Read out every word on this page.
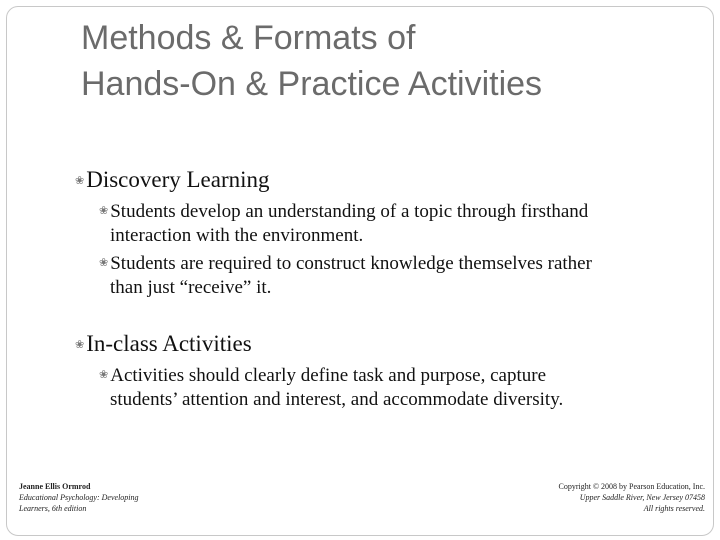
Methods & Formats of
Hands-On & Practice Activities
❀Discovery Learning
❀ Students develop an understanding of a topic through firsthand
interaction with the environment.
❀ Students are required to construct knowledge themselves rather
than just “receive” it.
❀In-class Activities
❀ Activities should clearly define task and purpose, capture
students’ attention and interest, and accommodate diversity.
Jeanne Ellis Ormrod
Educational Psychology: Developing
Learners, 6th edition
Copyright © 2008 by Pearson Education, Inc.
Upper Saddle River, New Jersey 07458
All rights reserved.
